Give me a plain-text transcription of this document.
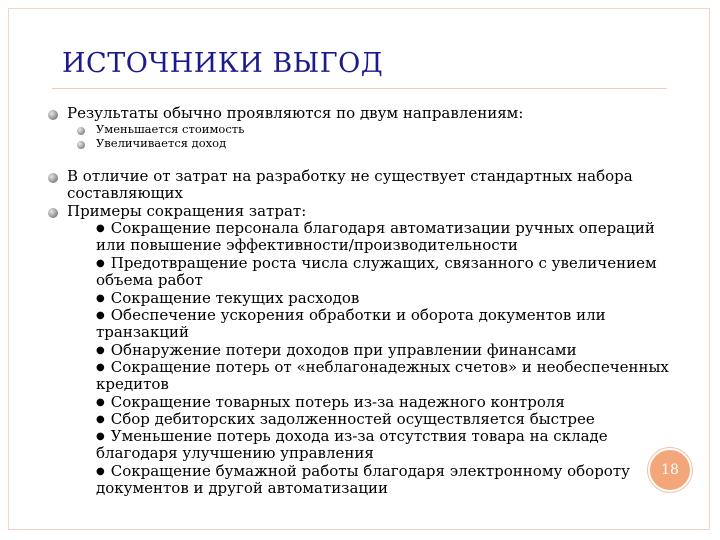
ИСТОЧНИКИ ВЫГОД
Результаты обычно проявляются по двум направлениям:
Уменьшается стоимость
Увеличивается доход
В отличие от затрат на разработку не существует стандартных набора
составляющих
Примеры сокращения затрат:
● Сокращение персонала благодаря автоматизации ручных операций
или повышение эффективности/производительности
● Предотвращение роста числа служащих, связанного с увеличением
объема работ
● Сокращение текущих расходов
● Обеспечение ускорения обработки и оборота документов или
транзакций
● Обнаружение потери доходов при управлении финансами
● Сокращение потерь от «неблагонадежных счетов» и необеспеченных
кредитов
● Сокращение товарных потерь из-за надежного контроля
● Сбор дебиторских задолженностей осуществляется быстрее
● Уменьшение потерь дохода из-за отсутствия товара на складе
благодаря улучшению управления
● Сокращение бумажной работы благодаря электронному обороту
документов и другой автоматизации
18
